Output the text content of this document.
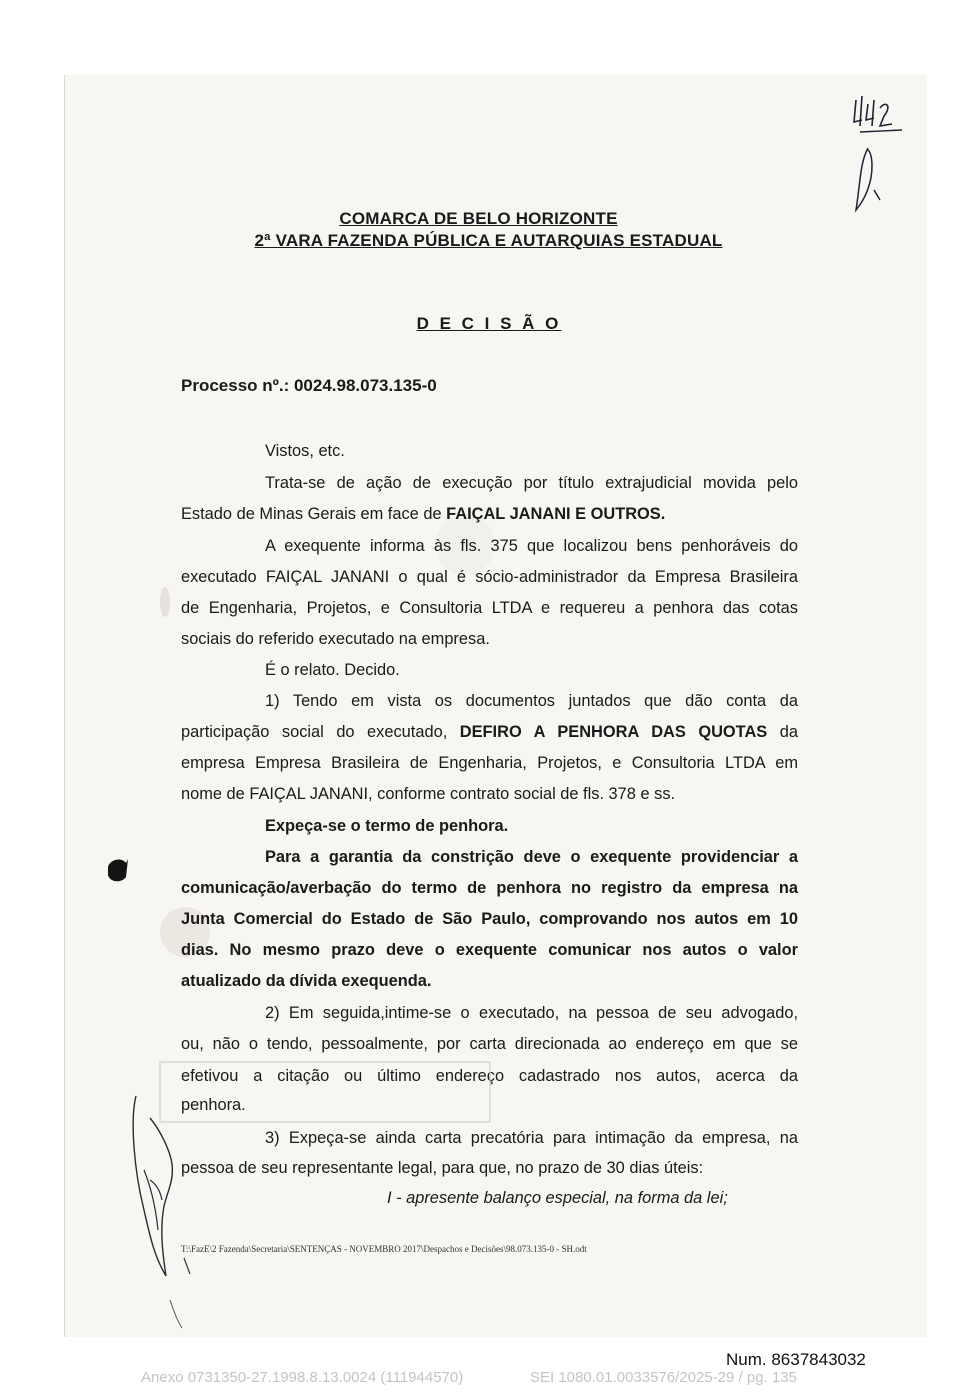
COMARCA DE BELO HORIZONTE
2ª VARA FAZENDA PÚBLICA E AUTARQUIAS ESTADUAL
D E C I S Ã O
Processo nº.: 0024.98.073.135-0
Vistos, etc.
Trata-se de ação de execução por título extrajudicial movida pelo
Estado de Minas Gerais em face de FAIÇAL JANANI E OUTROS.
A exequente informa às fls. 375 que localizou bens penhoráveis do
executado FAIÇAL JANANI o qual é sócio-administrador da Empresa Brasileira
de Engenharia, Projetos, e Consultoria LTDA e requereu a penhora das cotas
sociais do referido executado na empresa.
É o relato. Decido.
1) Tendo em vista os documentos juntados que dão conta da
participação social do executado, DEFIRO A PENHORA DAS QUOTAS da
empresa Empresa Brasileira de Engenharia, Projetos, e Consultoria LTDA em
nome de FAIÇAL JANANI, conforme contrato social de fls. 378 e ss.
Expeça-se o termo de penhora.
Para a garantia da constrição deve o exequente providenciar a
comunicação/averbação do termo de penhora no registro da empresa na
Junta Comercial do Estado de São Paulo, comprovando nos autos em 10
dias. No mesmo prazo deve o exequente comunicar nos autos o valor
atualizado da dívida exequenda.
2) Em seguida,intime-se o executado, na pessoa de seu advogado,
ou, não o tendo, pessoalmente, por carta direcionada ao endereço em que se
efetivou a citação ou último endereço cadastrado nos autos, acerca da
penhora.
3) Expeça-se ainda carta precatória para intimação da empresa, na
pessoa de seu representante legal, para que, no prazo de 30 dias úteis:
I - apresente balanço especial, na forma da lei;
T:\FazE\2 Fazenda\Secretaria\SENTENÇAS - NOVEMBRO 2017\Despachos e Decisões\98.073.135-0 - SH.odt
Num. 8637843032
Anexo 0731350-27.1998.8.13.0024 (111944570)	SEI 1080.01.0033576/2025-29 / pg. 135
